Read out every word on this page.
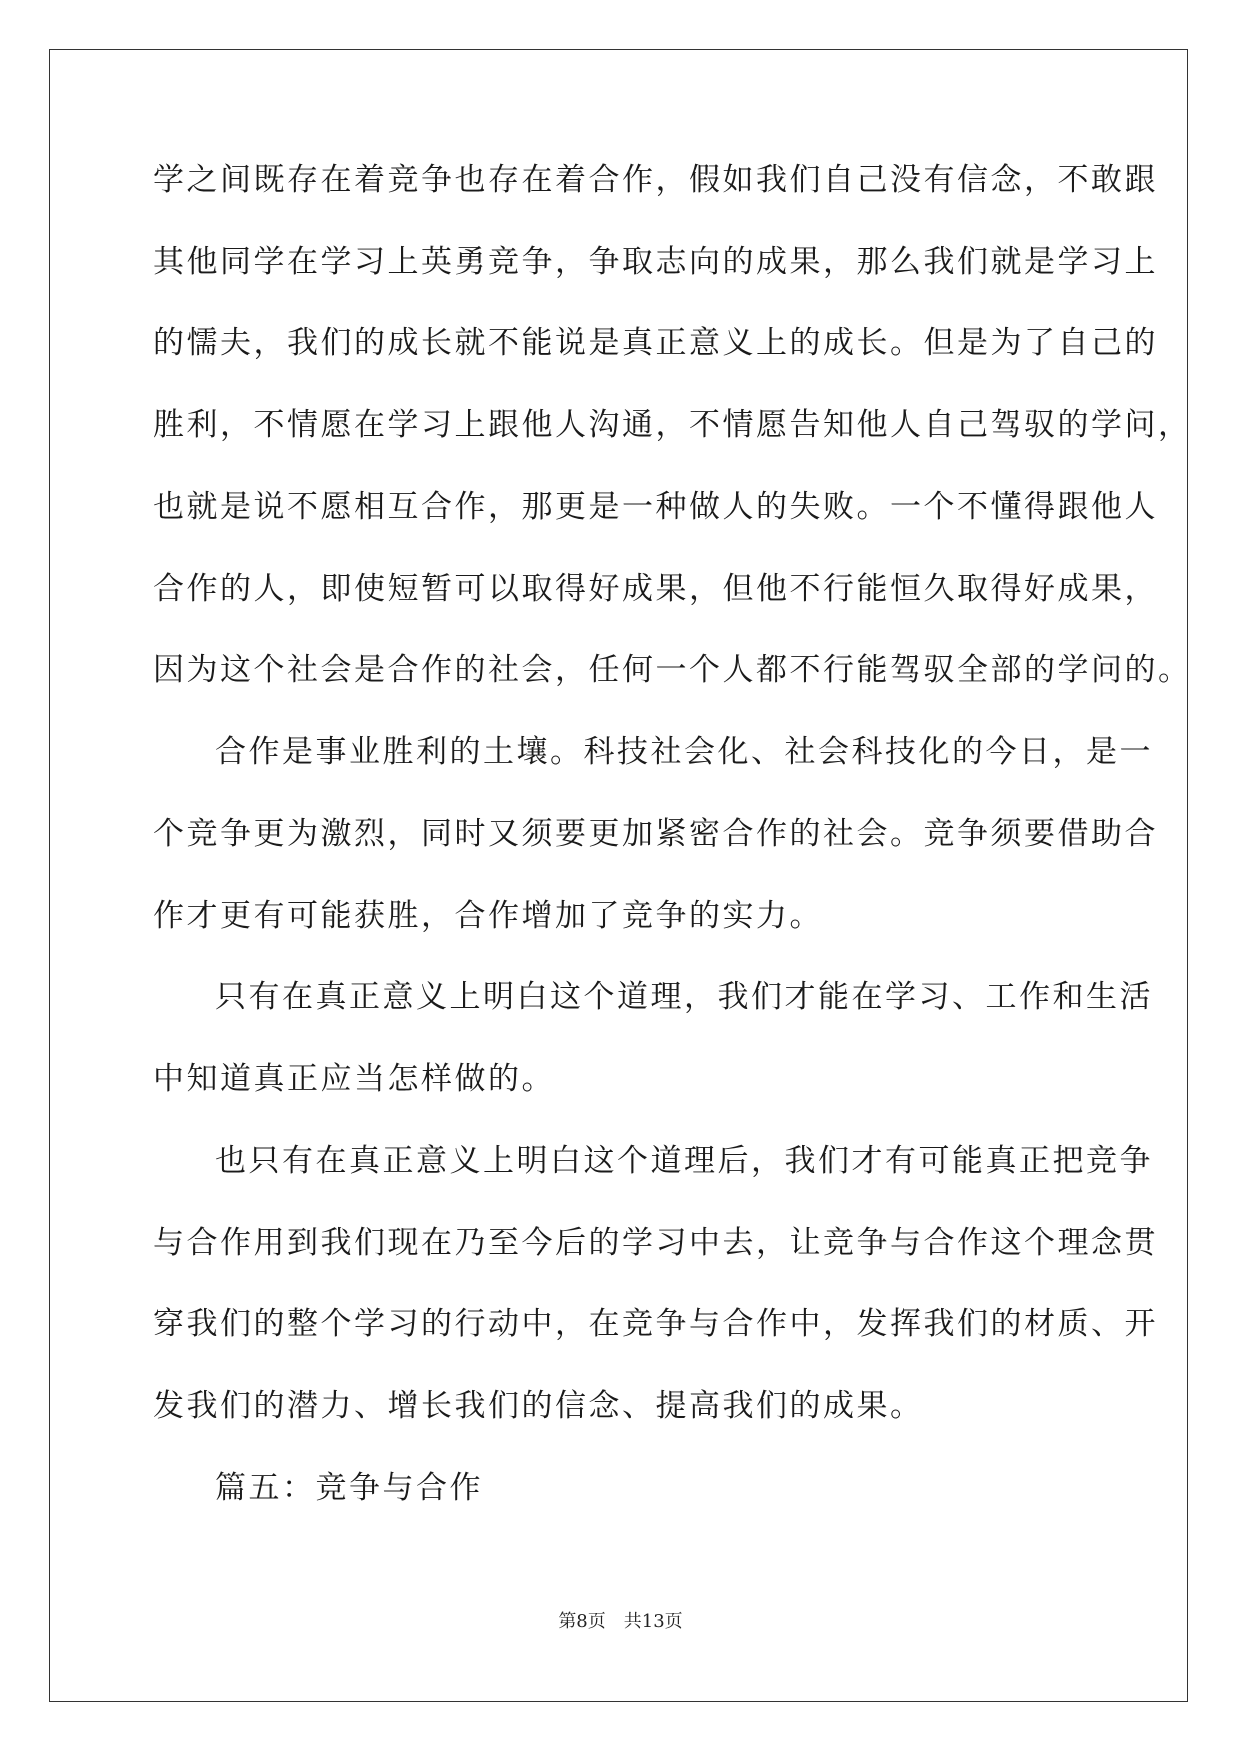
学之间既存在着竞争也存在着合作，假如我们自己没有信念，不敢跟
其他同学在学习上英勇竞争，争取志向的成果，那么我们就是学习上
的懦夫，我们的成长就不能说是真正意义上的成长。但是为了自己的
胜利，不情愿在学习上跟他人沟通，不情愿告知他人自己驾驭的学问，
也就是说不愿相互合作，那更是一种做人的失败。一个不懂得跟他人
合作的人，即使短暂可以取得好成果，但他不行能恒久取得好成果，
因为这个社会是合作的社会，任何一个人都不行能驾驭全部的学问的。
合作是事业胜利的土壤。科技社会化、社会科技化的今日，是一
个竞争更为激烈，同时又须要更加紧密合作的社会。竞争须要借助合
作才更有可能获胜，合作增加了竞争的实力。
只有在真正意义上明白这个道理，我们才能在学习、工作和生活
中知道真正应当怎样做的。
也只有在真正意义上明白这个道理后，我们才有可能真正把竞争
与合作用到我们现在乃至今后的学习中去，让竞争与合作这个理念贯
穿我们的整个学习的行动中，在竞争与合作中，发挥我们的材质、开
发我们的潜力、增长我们的信念、提高我们的成果。
篇五：竞争与合作
第8页 共13页
